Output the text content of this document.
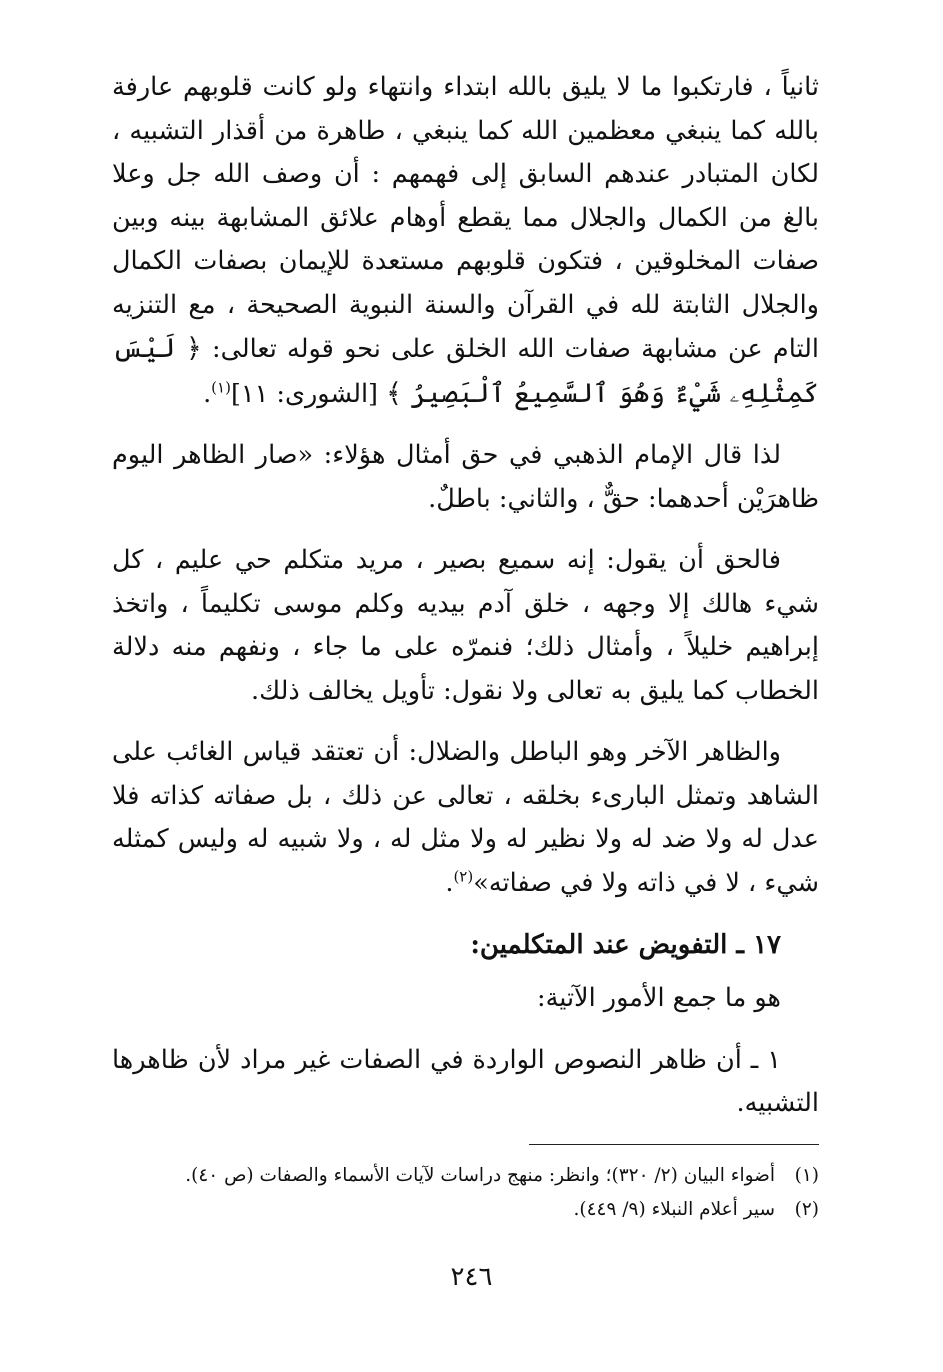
ثانياً ، فارتكبوا ما لا يليق بالله ابتداء وانتهاء ولو كانت قلوبهم عارفة بالله كما ينبغي معظمين الله كما ينبغي ، طاهرة من أقذار التشبيه ، لكان المتبادر عندهم السابق إلى فهمهم : أن وصف الله جل وعلا بالغ من الكمال والجلال مما يقطع أوهام علائق المشابهة بينه وبين صفات المخلوقين ، فتكون قلوبهم مستعدة للإيمان بصفات الكمال والجلال الثابتة لله في القرآن والسنة النبوية الصحيحة ، مع التنزيه التام عن مشابهة صفات الله الخلق على نحو قوله تعالى: ﴿ لَيْسَ كَمِثْلِهِۦ شَيْءٌ وَهُوَ ٱلسَّمِيعُ ٱلْبَصِيرُ ﴾ [الشورى: ١١]$^{(١)}$.

لذا قال الإمام الذهبي في حق أمثال هؤلاء: «صار الظاهر اليوم ظاهرَيْن أحدهما: حقٌّ ، والثاني: باطلٌ.

فالحق أن يقول: إنه سميع بصير ، مريد متكلم حي عليم ، كل شيء هالك إلا وجهه ، خلق آدم بيديه وكلم موسى تكليماً ، واتخذ إبراهيم خليلاً ، وأمثال ذلك؛ فنمرّه على ما جاء ، ونفهم منه دلالة الخطاب كما يليق به تعالى ولا نقول: تأويل يخالف ذلك.

والظاهر الآخر وهو الباطل والضلال: أن تعتقد قياس الغائب على الشاهد وتمثل البارىء بخلقه ، تعالى عن ذلك ، بل صفاته كذاته فلا عدل له ولا ضد له ولا نظير له ولا مثل له ، ولا شبيه له وليس كمثله شيء ، لا في ذاته ولا في صفاته»$^{(٢)}$.

١٧ ـ التفويض عند المتكلمين:

هو ما جمع الأمور الآتية:

١ ـ أن ظاهر النصوص الواردة في الصفات غير مراد لأن ظاهرها التشبيه.

(١)
أضواء البيان (٢/ ٣٢٠)؛ وانظر: منهج دراسات لآيات الأسماء والصفات (ص ٤٠).
(٢)
سير أعلام النبلاء (٩/ ٤٤٩).
٢٤٦
